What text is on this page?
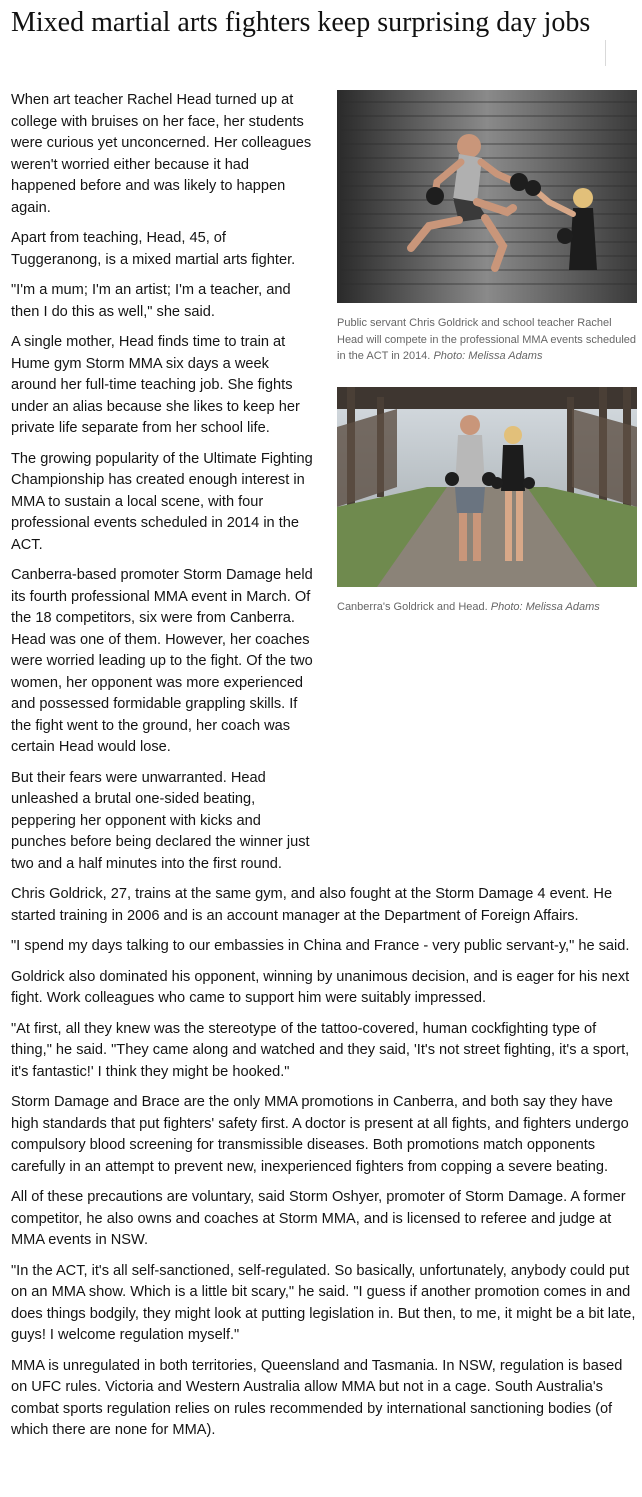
Mixed martial arts fighters keep surprising day jobs
Public servant Chris Goldrick and school teacher Rachel Head will compete in the professional MMA events scheduled in the ACT in 2014. Photo: Melissa Adams
Canberra's Goldrick and Head. Photo: Melissa Adams

When art teacher Rachel Head turned up at college with bruises on her face, her students were curious yet unconcerned. Her colleagues weren't worried either because it had happened before and was likely to happen again.

Apart from teaching, Head, 45, of Tuggeranong, is a mixed martial arts fighter.

"I'm a mum; I'm an artist; I'm a teacher, and then I do this as well," she said.

A single mother, Head finds time to train at Hume gym Storm MMA six days a week around her full-time teaching job. She fights under an alias because she likes to keep her private life separate from her school life.

The growing popularity of the Ultimate Fighting Championship has created enough interest in MMA to sustain a local scene, with four professional events scheduled in 2014 in the ACT.

Canberra-based promoter Storm Damage held its fourth professional MMA event in March. Of the 18 competitors, six were from Canberra. Head was one of them. However, her coaches were worried leading up to the fight. Of the two women, her opponent was more experienced and possessed formidable grappling skills. If the fight went to the ground, her coach was certain Head would lose.

But their fears were unwarranted. Head unleashed a brutal one-sided beating, peppering her opponent with kicks and punches before being declared the winner just two and a half minutes into the first round.

Chris Goldrick, 27, trains at the same gym, and also fought at the Storm Damage 4 event. He started training in 2006 and is an account manager at the Department of Foreign Affairs.

"I spend my days talking to our embassies in China and France - very public servant-y," he said.

Goldrick also dominated his opponent, winning by unanimous decision, and is eager for his next fight. Work colleagues who came to support him were suitably impressed.

"At first, all they knew was the stereotype of the tattoo-covered, human cockfighting type of thing," he said. "They came along and watched and they said, 'It's not street fighting, it's a sport, it's fantastic!' I think they might be hooked."

Storm Damage and Brace are the only MMA promotions in Canberra, and both say they have high standards that put fighters' safety first. A doctor is present at all fights, and fighters undergo compulsory blood screening for transmissible diseases. Both promotions match opponents carefully in an attempt to prevent new, inexperienced fighters from copping a severe beating.

All of these precautions are voluntary, said Storm Oshyer, promoter of Storm Damage. A former competitor, he also owns and coaches at Storm MMA, and is licensed to referee and judge at MMA events in NSW.

"In the ACT, it's all self-sanctioned, self-regulated. So basically, unfortunately, anybody could put on an MMA show. Which is a little bit scary," he said. "I guess if another promotion comes in and does things bodgily, they might look at putting legislation in. But then, to me, it might be a bit late, guys! I welcome regulation myself."

MMA is unregulated in both territories, Queensland and Tasmania. In NSW, regulation is based on UFC rules. Victoria and Western Australia allow MMA but not in a cage. South Australia's combat sports regulation relies on rules recommended by international sanctioning bodies (of which there are none for MMA).
